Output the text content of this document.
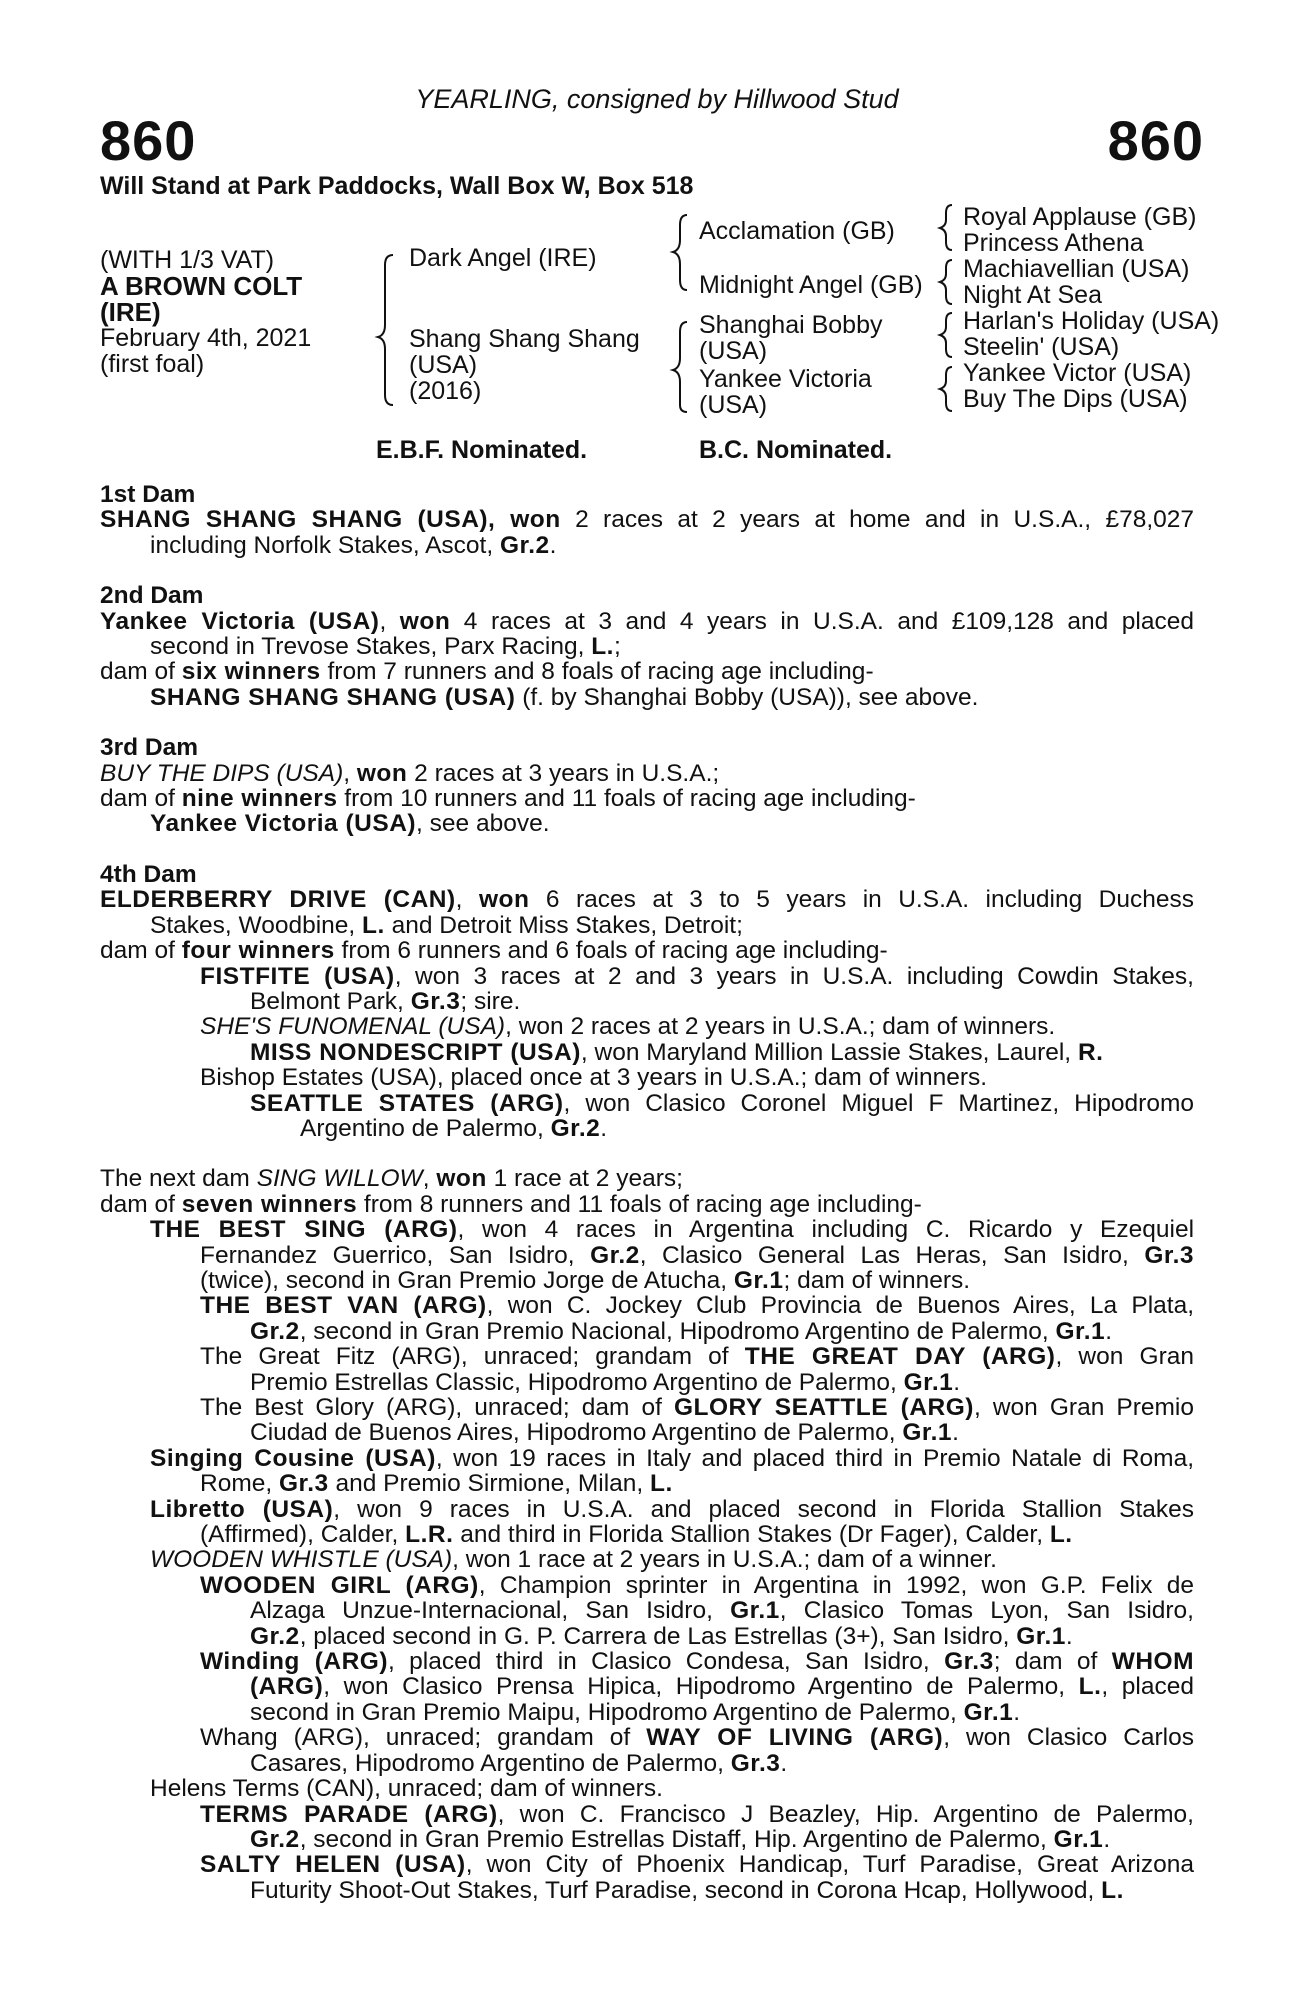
860	860
YEARLING, consigned by Hillwood Stud
Will Stand at Park Paddocks, Wall Box W, Box 518
(WITH 1/3 VAT)
A BROWN COLT
(IRE)
February 4th, 2021
(first foal)
Dark Angel (IRE)
Shang Shang Shang
(USA)
(2016)
Acclamation (GB)
Midnight Angel (GB)
Shanghai Bobby
(USA)
Yankee Victoria
(USA)
Royal Applause (GB)
Princess Athena
Machiavellian (USA)
Night At Sea
Harlan's Holiday (USA)
Steelin' (USA)
Yankee Victor (USA)
Buy The Dips (USA)
E.B.F. Nominated.	B.C. Nominated.
1st Dam
SHANG SHANG SHANG (USA), won 2 races at 2 years at home and in U.S.A., £78,027
including Norfolk Stakes, Ascot, Gr.2.
2nd Dam
Yankee Victoria (USA), won 4 races at 3 and 4 years in U.S.A. and £109,128 and placed
second in Trevose Stakes, Parx Racing, L.;
dam of six winners from 7 runners and 8 foals of racing age including-
SHANG SHANG SHANG (USA) (f. by Shanghai Bobby (USA)), see above.
3rd Dam
BUY THE DIPS (USA), won 2 races at 3 years in U.S.A.;
dam of nine winners from 10 runners and 11 foals of racing age including-
Yankee Victoria (USA), see above.
4th Dam
ELDERBERRY DRIVE (CAN), won 6 races at 3 to 5 years in U.S.A. including Duchess
Stakes, Woodbine, L. and Detroit Miss Stakes, Detroit;
dam of four winners from 6 runners and 6 foals of racing age including-
FISTFITE (USA), won 3 races at 2 and 3 years in U.S.A. including Cowdin Stakes,
Belmont Park, Gr.3; sire.
SHE'S FUNOMENAL (USA), won 2 races at 2 years in U.S.A.; dam of winners.
MISS NONDESCRIPT (USA), won Maryland Million Lassie Stakes, Laurel, R.
Bishop Estates (USA), placed once at 3 years in U.S.A.; dam of winners.
SEATTLE STATES (ARG), won Clasico Coronel Miguel F Martinez, Hipodromo
Argentino de Palermo, Gr.2.
The next dam SING WILLOW, won 1 race at 2 years;
dam of seven winners from 8 runners and 11 foals of racing age including-
THE BEST SING (ARG), won 4 races in Argentina including C. Ricardo y Ezequiel
Fernandez Guerrico, San Isidro, Gr.2, Clasico General Las Heras, San Isidro, Gr.3
(twice), second in Gran Premio Jorge de Atucha, Gr.1; dam of winners.
THE BEST VAN (ARG), won C. Jockey Club Provincia de Buenos Aires, La Plata,
Gr.2, second in Gran Premio Nacional, Hipodromo Argentino de Palermo, Gr.1.
The Great Fitz (ARG), unraced; grandam of THE GREAT DAY (ARG), won Gran
Premio Estrellas Classic, Hipodromo Argentino de Palermo, Gr.1.
The Best Glory (ARG), unraced; dam of GLORY SEATTLE (ARG), won Gran Premio
Ciudad de Buenos Aires, Hipodromo Argentino de Palermo, Gr.1.
Singing Cousine (USA), won 19 races in Italy and placed third in Premio Natale di Roma,
Rome, Gr.3 and Premio Sirmione, Milan, L.
Libretto (USA), won 9 races in U.S.A. and placed second in Florida Stallion Stakes
(Affirmed), Calder, L.R. and third in Florida Stallion Stakes (Dr Fager), Calder, L.
WOODEN WHISTLE (USA), won 1 race at 2 years in U.S.A.; dam of a winner.
WOODEN GIRL (ARG), Champion sprinter in Argentina in 1992, won G.P. Felix de
Alzaga Unzue-Internacional, San Isidro, Gr.1, Clasico Tomas Lyon, San Isidro,
Gr.2, placed second in G. P. Carrera de Las Estrellas (3+), San Isidro, Gr.1.
Winding (ARG), placed third in Clasico Condesa, San Isidro, Gr.3; dam of WHOM
(ARG), won Clasico Prensa Hipica, Hipodromo Argentino de Palermo, L., placed
second in Gran Premio Maipu, Hipodromo Argentino de Palermo, Gr.1.
Whang (ARG), unraced; grandam of WAY OF LIVING (ARG), won Clasico Carlos
Casares, Hipodromo Argentino de Palermo, Gr.3.
Helens Terms (CAN), unraced; dam of winners.
TERMS PARADE (ARG), won C. Francisco J Beazley, Hip. Argentino de Palermo,
Gr.2, second in Gran Premio Estrellas Distaff, Hip. Argentino de Palermo, Gr.1.
SALTY HELEN (USA), won City of Phoenix Handicap, Turf Paradise, Great Arizona
Futurity Shoot-Out Stakes, Turf Paradise, second in Corona Hcap, Hollywood, L.
